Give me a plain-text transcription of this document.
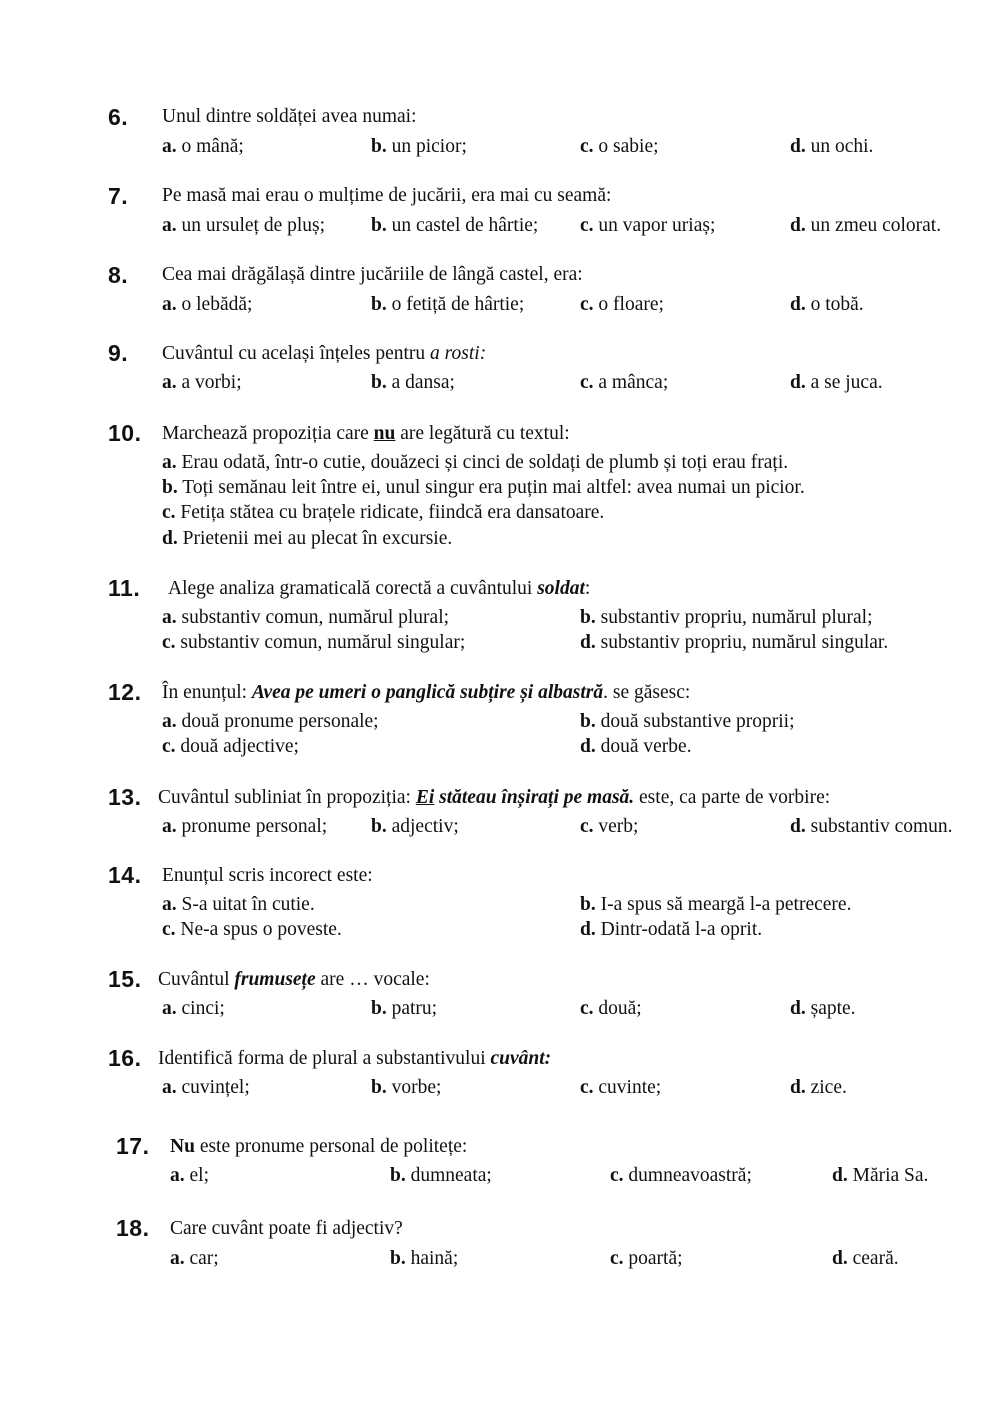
6. Unul dintre soldăței avea numai:
a. o mână;	b. un picior;	c. o sabie;	d. un ochi.
7. Pe masă mai erau o mulțime de jucării, era mai cu seamă:
a. un ursuleț de pluș; b. un castel de hârtie; c. un vapor uriaș;	d. un zmeu colorat.
8. Cea mai drăgălașă dintre jucăriile de lângă castel, era:
a. o lebădă;	b. o fetiță de hârtie;	c. o floare;	d. o tobă.
9. Cuvântul cu același înțeles pentru a rosti:
a. a vorbi;	b. a dansa;	c. a mânca;	d. a se juca.
10. Marchează propoziția care nu are legătură cu textul:
a. Erau odată, într-o cutie, douăzeci și cinci de soldați de plumb și toți erau frați.
b. Toți semănau leit între ei, unul singur era puțin mai altfel: avea numai un picior.
c. Fetița stătea cu brațele ridicate, fiindcă era dansatoare.
d. Prietenii mei au plecat în excursie.
11. Alege analiza gramaticală corectă a cuvântului soldat:
a. substantiv comun, numărul plural;	b. substantiv propriu, numărul plural;
c. substantiv comun, numărul singular;	d. substantiv propriu, numărul singular.
12. În enunțul: Avea pe umeri o panglică subțire și albastră. se găsesc:
a. două pronume personale;	b. două substantive proprii;
c. două adjective;	d. două verbe.
13. Cuvântul subliniat în propoziția: Ei stăteau înșirați pe masă. este, ca parte de vorbire:
a. pronume personal; b. adjectiv;	c. verb;	d. substantiv comun.
14. Enunțul scris incorect este:
a. S-a uitat în cutie.	b. I-a spus să meargă l-a petrecere.
c. Ne-a spus o poveste.	d. Dintr-odată l-a oprit.
15. Cuvântul frumusețe are … vocale:
a. cinci;	b. patru;	c. două;	d. șapte.
16. Identifică forma de plural a substantivului cuvânt:
a. cuvințel;	b. vorbe;	c. cuvinte;	d. zice.
17. Nu este pronume personal de politețe:
a. el;	b. dumneata;	c. dumneavoastră;	d. Măria Sa.
18. Care cuvânt poate fi adjectiv?
a. car;	b. haină;	c. poartă;	d. ceară.
